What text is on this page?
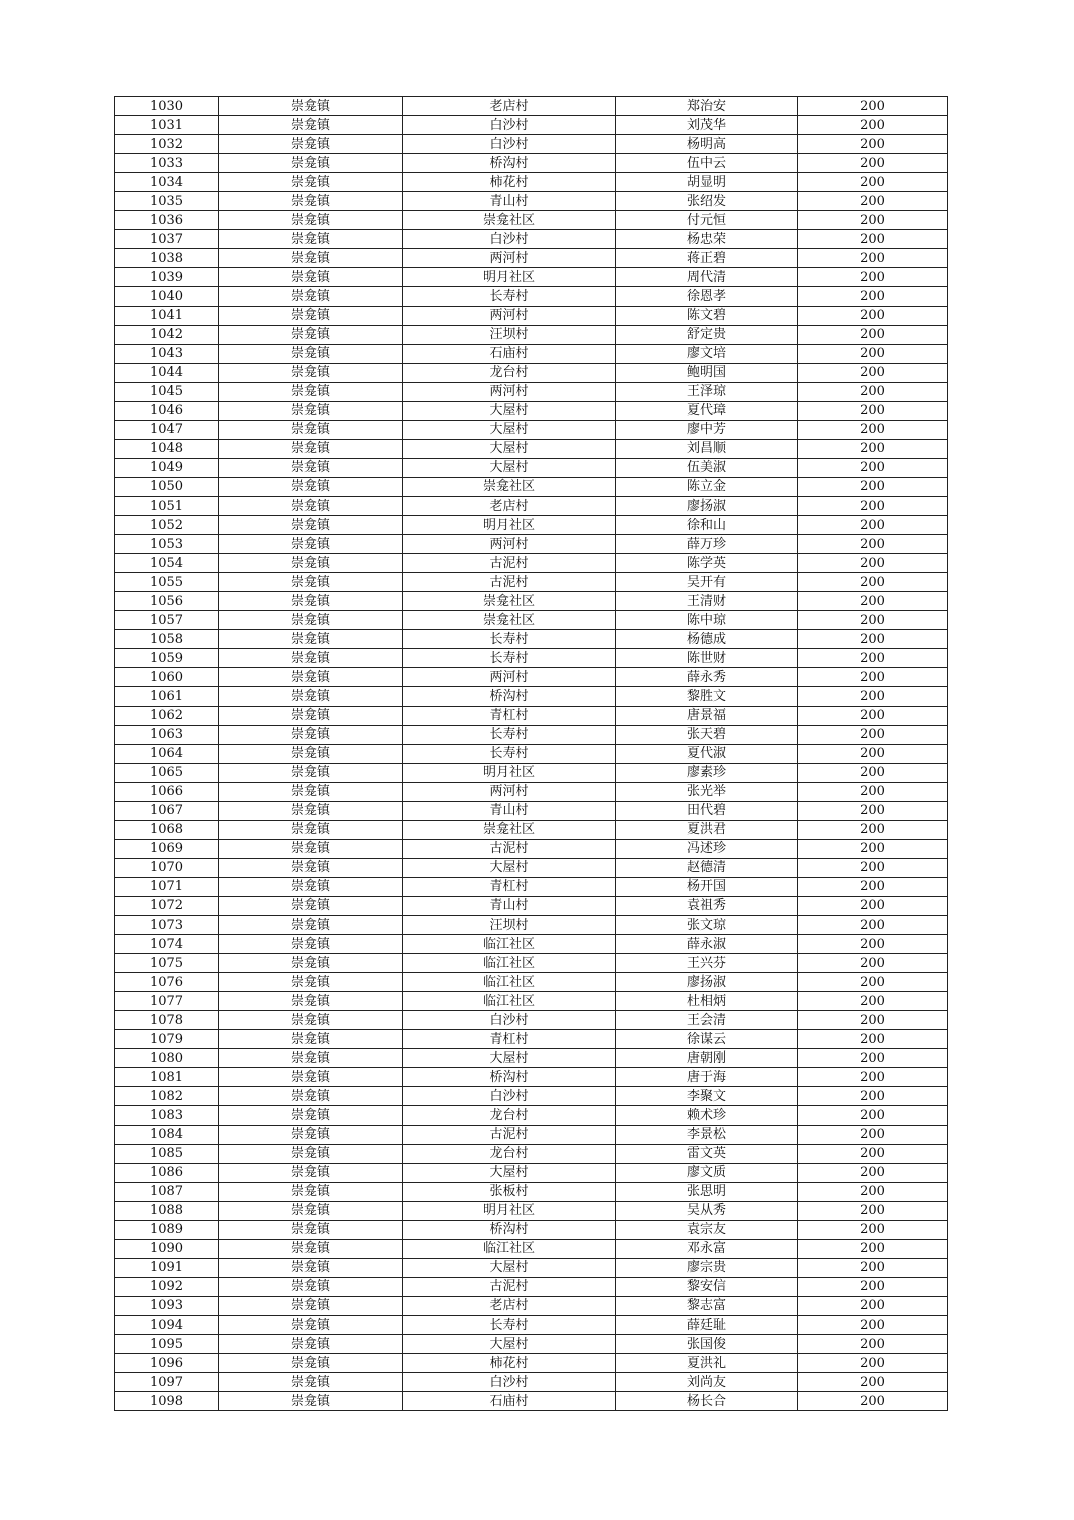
1030	崇龛镇	老店村	郑治安	200
1031	崇龛镇	白沙村	刘茂华	200
1032	崇龛镇	白沙村	杨明高	200
1033	崇龛镇	桥沟村	伍中云	200
1034	崇龛镇	柿花村	胡显明	200
1035	崇龛镇	青山村	张绍发	200
1036	崇龛镇	崇龛社区	付元恒	200
1037	崇龛镇	白沙村	杨忠荣	200
1038	崇龛镇	两河村	蒋正碧	200
1039	崇龛镇	明月社区	周代清	200
1040	崇龛镇	长寿村	徐恩孝	200
1041	崇龛镇	两河村	陈文碧	200
1042	崇龛镇	汪坝村	舒定贵	200
1043	崇龛镇	石庙村	廖文培	200
1044	崇龛镇	龙台村	鲍明国	200
1045	崇龛镇	两河村	王泽琼	200
1046	崇龛镇	大屋村	夏代璋	200
1047	崇龛镇	大屋村	廖中芳	200
1048	崇龛镇	大屋村	刘昌顺	200
1049	崇龛镇	大屋村	伍美淑	200
1050	崇龛镇	崇龛社区	陈立金	200
1051	崇龛镇	老店村	廖扬淑	200
1052	崇龛镇	明月社区	徐和山	200
1053	崇龛镇	两河村	薛万珍	200
1054	崇龛镇	古泥村	陈学英	200
1055	崇龛镇	古泥村	吴开有	200
1056	崇龛镇	崇龛社区	王清财	200
1057	崇龛镇	崇龛社区	陈中琼	200
1058	崇龛镇	长寿村	杨德成	200
1059	崇龛镇	长寿村	陈世财	200
1060	崇龛镇	两河村	薛永秀	200
1061	崇龛镇	桥沟村	黎胜文	200
1062	崇龛镇	青杠村	唐景福	200
1063	崇龛镇	长寿村	张天碧	200
1064	崇龛镇	长寿村	夏代淑	200
1065	崇龛镇	明月社区	廖素珍	200
1066	崇龛镇	两河村	张光举	200
1067	崇龛镇	青山村	田代碧	200
1068	崇龛镇	崇龛社区	夏洪君	200
1069	崇龛镇	古泥村	冯述珍	200
1070	崇龛镇	大屋村	赵德清	200
1071	崇龛镇	青杠村	杨开国	200
1072	崇龛镇	青山村	袁祖秀	200
1073	崇龛镇	汪坝村	张文琼	200
1074	崇龛镇	临江社区	薛永淑	200
1075	崇龛镇	临江社区	王兴芬	200
1076	崇龛镇	临江社区	廖扬淑	200
1077	崇龛镇	临江社区	杜相炳	200
1078	崇龛镇	白沙村	王会清	200
1079	崇龛镇	青杠村	徐谋云	200
1080	崇龛镇	大屋村	唐朝刚	200
1081	崇龛镇	桥沟村	唐于海	200
1082	崇龛镇	白沙村	李聚文	200
1083	崇龛镇	龙台村	赖术珍	200
1084	崇龛镇	古泥村	李景松	200
1085	崇龛镇	龙台村	雷文英	200
1086	崇龛镇	大屋村	廖文质	200
1087	崇龛镇	张板村	张思明	200
1088	崇龛镇	明月社区	吴从秀	200
1089	崇龛镇	桥沟村	袁宗友	200
1090	崇龛镇	临江社区	邓永富	200
1091	崇龛镇	大屋村	廖宗贵	200
1092	崇龛镇	古泥村	黎安信	200
1093	崇龛镇	老店村	黎志富	200
1094	崇龛镇	长寿村	薛廷耻	200
1095	崇龛镇	大屋村	张国俊	200
1096	崇龛镇	柿花村	夏洪礼	200
1097	崇龛镇	白沙村	刘尚友	200
1098	崇龛镇	石庙村	杨长合	200
